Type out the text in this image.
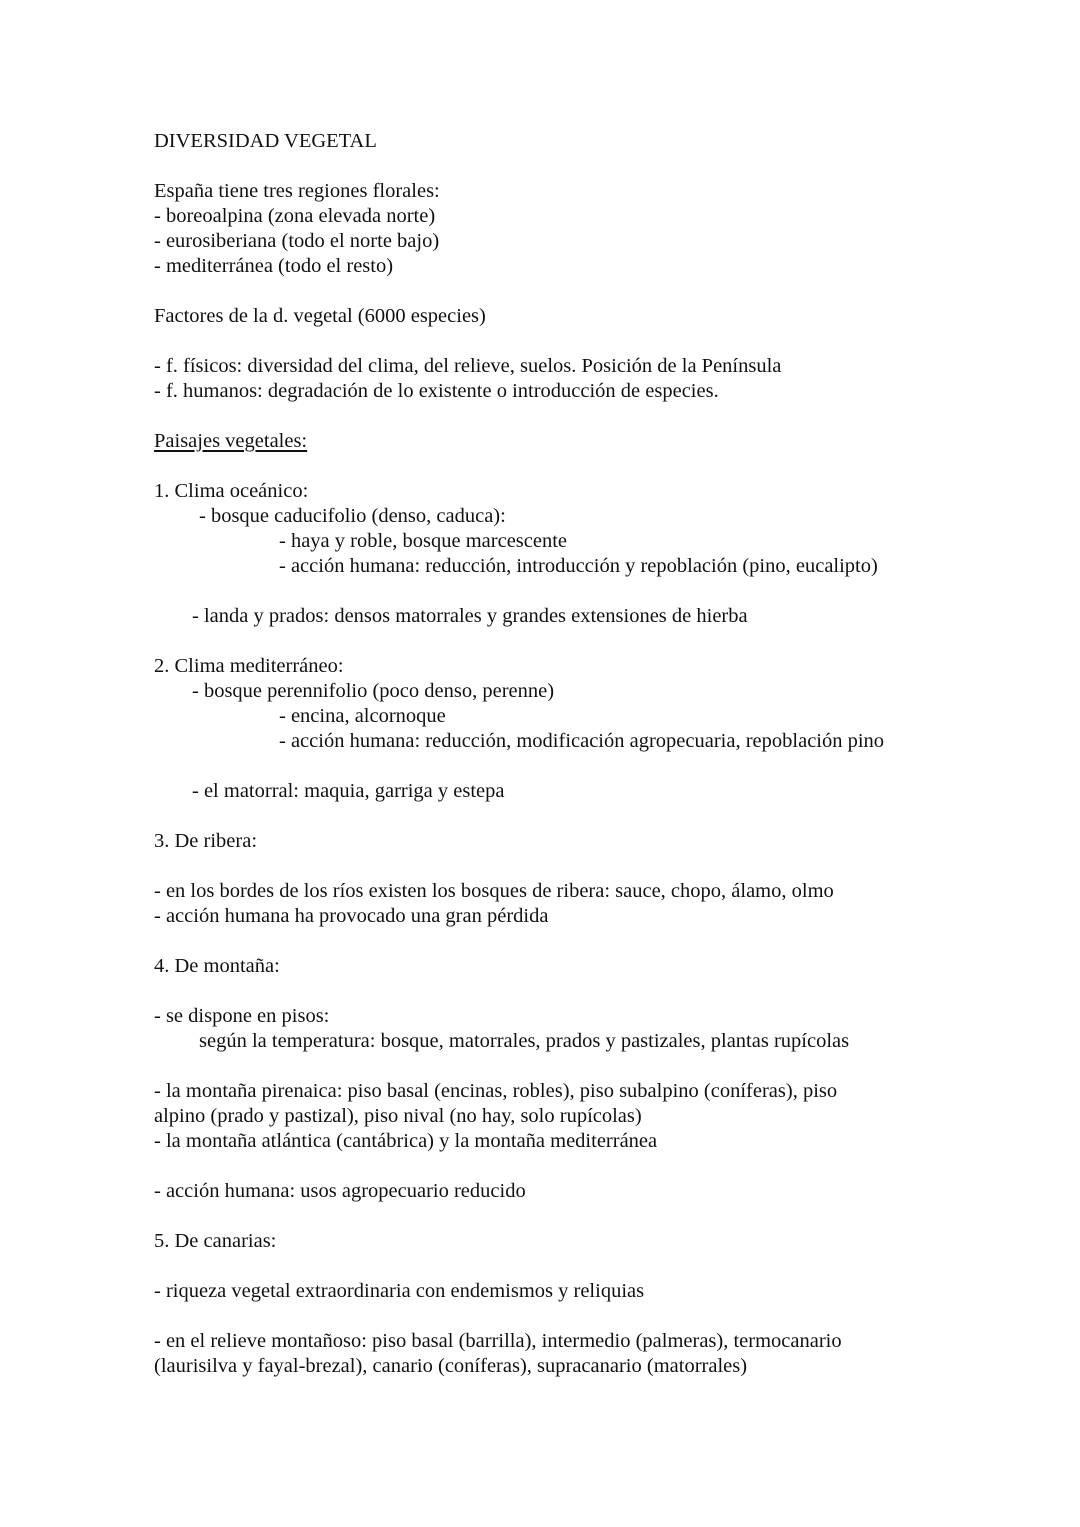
DIVERSIDAD VEGETAL

España tiene tres regiones florales:

- boreoalpina (zona elevada norte)

- eurosiberiana (todo el norte bajo)

- mediterránea (todo el resto)

Factores de la d. vegetal (6000 especies)

- f. físicos: diversidad del clima, del relieve, suelos. Posición de la Península

- f. humanos: degradación de lo existente o introducción de especies.

Paisajes vegetales:

1. Clima oceánico:

- bosque caducifolio (denso, caduca):

- haya y roble, bosque marcescente

- acción humana: reducción, introducción y repoblación (pino, eucalipto)

- landa y prados: densos matorrales y grandes extensiones de hierba

2. Clima mediterráneo:

- bosque perennifolio (poco denso, perenne)

- encina, alcornoque

- acción humana: reducción, modificación agropecuaria, repoblación pino

- el matorral: maquia, garriga y estepa

3. De ribera:

- en los bordes de los ríos existen los bosques de ribera: sauce, chopo, álamo, olmo

- acción humana ha provocado una gran pérdida

4. De montaña:

- se dispone en pisos:

según la temperatura: bosque, matorrales, prados y pastizales, plantas rupícolas

- la montaña pirenaica: piso basal (encinas, robles), piso subalpino (coníferas), piso

alpino (prado y pastizal), piso nival (no hay, solo rupícolas)

- la montaña atlántica (cantábrica) y la montaña mediterránea

- acción humana: usos agropecuario reducido

5. De canarias:

- riqueza vegetal extraordinaria con endemismos y reliquias

- en el relieve montañoso: piso basal (barrilla), intermedio (palmeras), termocanario

(laurisilva y fayal-brezal), canario (coníferas), supracanario (matorrales)
